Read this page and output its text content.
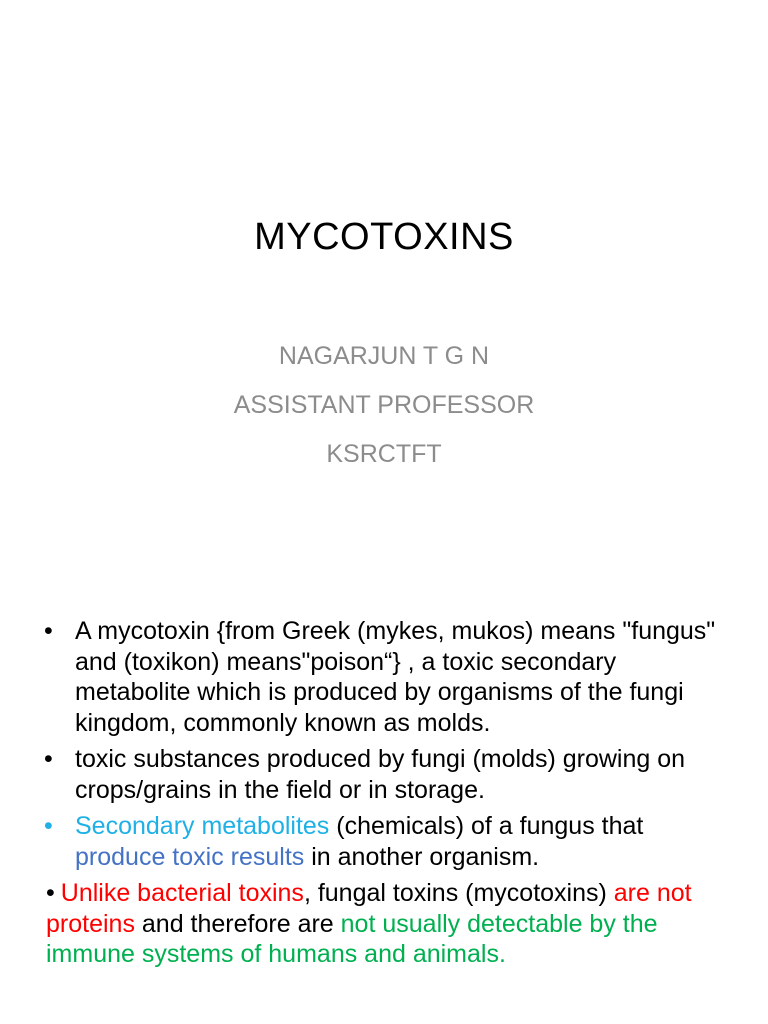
MYCOTOXINS
NAGARJUN T G N
ASSISTANT PROFESSOR
KSRCTFT
• A mycotoxin {from Greek (mykes, mukos) means "fungus" and (toxikon) means"poison“} , a toxic secondary metabolite which is produced by organisms of the fungi kingdom, commonly known as molds.
• toxic substances produced by fungi (molds) growing on crops/grains in the field or in storage.
• Secondary metabolites (chemicals) of a fungus that produce toxic results in another organism.
• Unlike bacterial toxins, fungal toxins (mycotoxins) are not proteins and therefore are not usually detectable by the immune systems of humans and animals.
